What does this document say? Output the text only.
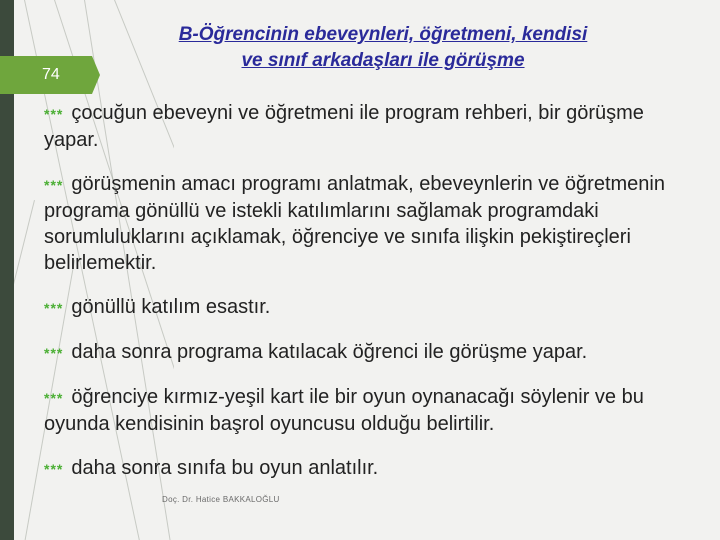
74
B-Öğrencinin ebeveynleri, öğretmeni, kendisi
ve sınıf arkadaşları ile görüşme

*** çocuğun ebeveyni ve öğretmeni ile program rehberi, bir görüşme yapar.

*** görüşmenin amacı programı anlatmak, ebeveynlerin ve öğretmenin programa gönüllü ve istekli katılımlarını sağlamak programdaki sorumluluklarını açıklamak, öğrenciye ve sınıfa ilişkin pekiştireçleri belirlemektir.

*** gönüllü katılım esastır.

*** daha sonra programa katılacak öğrenci ile görüşme yapar.

*** öğrenciye kırmız-yeşil kart ile bir oyun oynanacağı söylenir ve bu oyunda kendisinin başrol oyuncusu olduğu belirtilir.

*** daha sonra sınıfa bu oyun anlatılır.

Doç. Dr. Hatice BAKKALOĞLU
